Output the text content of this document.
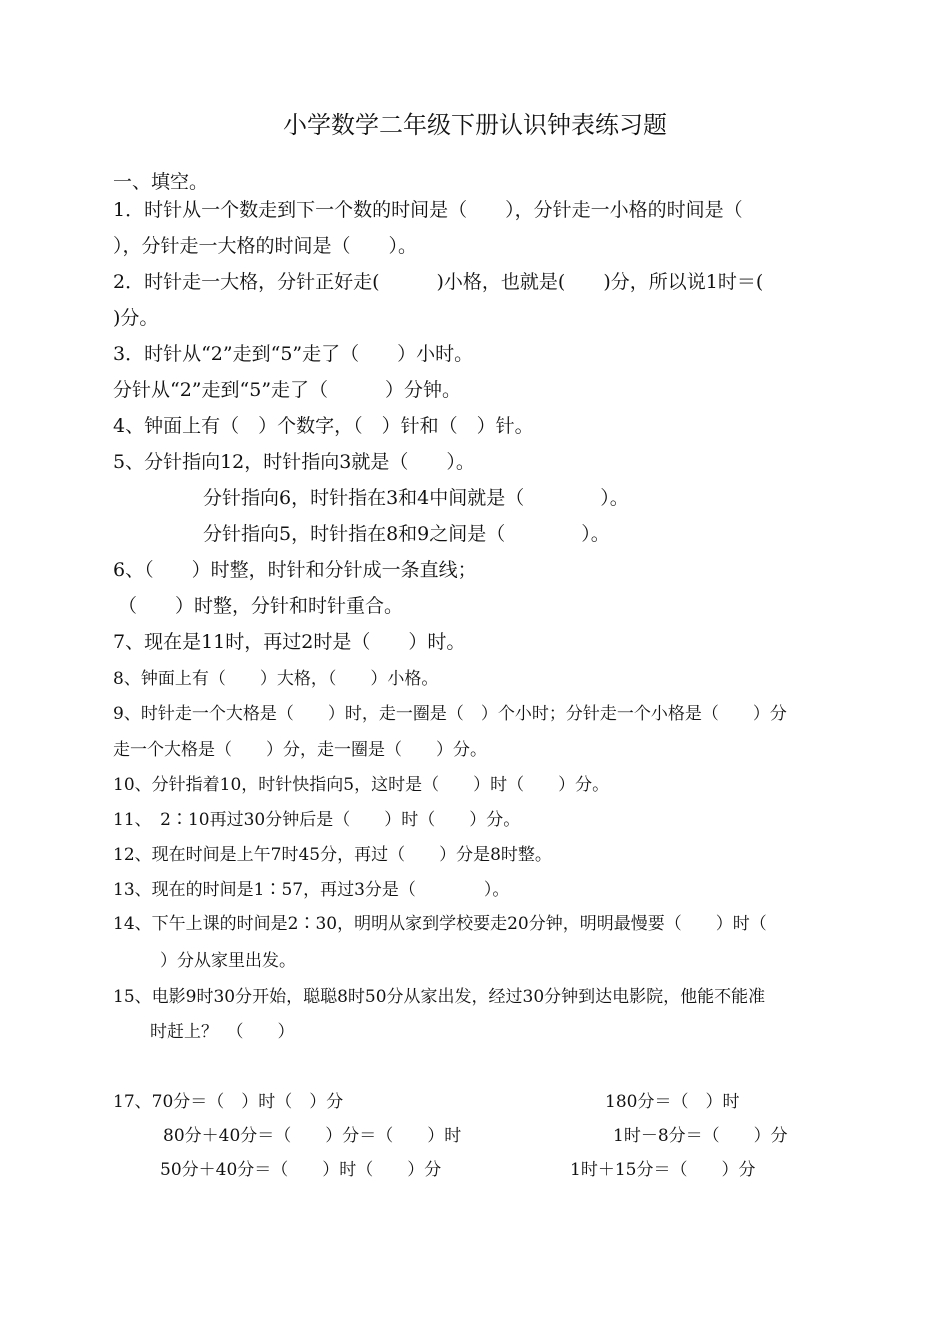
小学数学二年级下册认识钟表练习题
一、填空。
1．时针从一个数走到下一个数的时间是（　　），分针走一小格的时间是（
），分针走一大格的时间是（　　）。
2．时针走一大格，分针正好走(　　　)小格，也就是(　　)分，所以说1时＝(
)分。
3．时针从“2”走到“5”走了（　　）小时。
分针从“2”走到“5”走了（　　　）分钟。
4、钟面上有（　）个数字，（　）针和（　）针。
5、分针指向12，时针指向3就是（　　）。
分针指向6，时针指在3和4中间就是（　　　　）。
分针指向5，时针指在8和9之间是（　　　　）。
6、（　　）时整，时针和分针成一条直线；
（　　）时整，分针和时针重合。
7、现在是11时，再过2时是（　　）时。
8、钟面上有（　　）大格，（　　）小格。
9、时针走一个大格是（　　）时，走一圈是（　）个小时；分针走一个小格是（　　）分
走一个大格是（　　）分，走一圈是（　　）分。
10、分针指着10，时针快指向5，这时是（　　）时（　　）分。
11、　2∶10再过30分钟后是（　　）时（　　）分。
12、现在时间是上午7时45分，再过（　　）分是8时整。
13、现在的时间是1∶57，再过3分是（　　　　）。
14、下午上课的时间是2∶30，明明从家到学校要走20分钟，明明最慢要（　　）时（
）分从家里出发。
15、电影9时30分开始，聪聪8时50分从家出发，经过30分钟到达电影院，他能不能准
时赶上？　（　　）
17、70分＝（　）时（　）分	180分＝（　）时
80分＋40分＝（　　）分＝（　　）时	1时－8分＝（　　）分
50分＋40分＝（　　）时（　　）分	1时＋15分＝（　　）分
